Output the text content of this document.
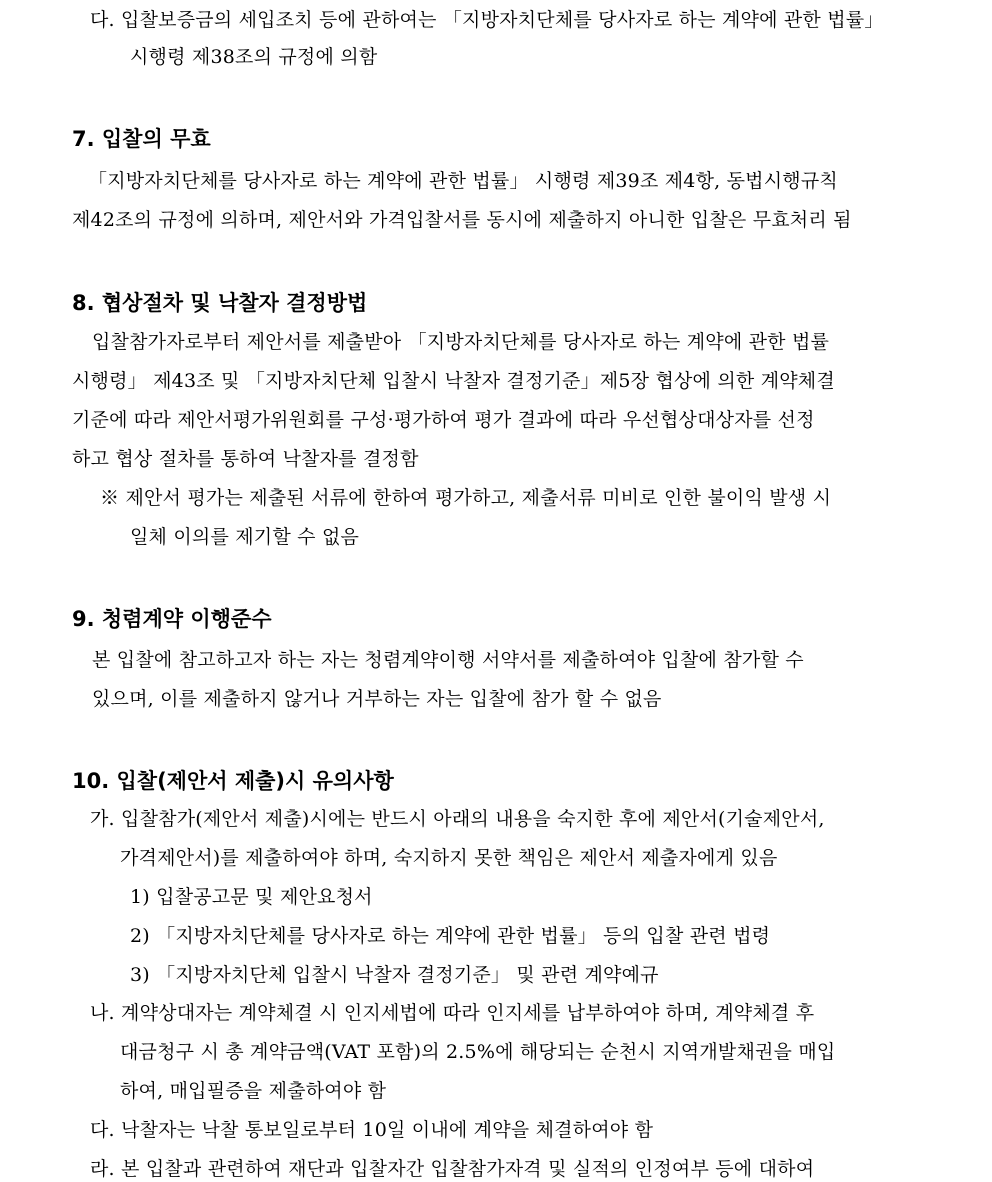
다. 입찰보증금의 세입조치 등에 관하여는 「지방자치단체를 당사자로 하는 계약에 관한 법률」
시행령 제38조의 규정에 의함
7. 입찰의 무효
「지방자치단체를 당사자로 하는 계약에 관한 법률」 시행령 제39조 제4항, 동법시행규칙
제42조의 규정에 의하며, 제안서와 가격입찰서를 동시에 제출하지 아니한 입찰은 무효처리 됨
8. 협상절차 및 낙찰자 결정방법
입찰참가자로부터 제안서를 제출받아 「지방자치단체를 당사자로 하는 계약에 관한 법률
시행령」 제43조 및 「지방자치단체 입찰시 낙찰자 결정기준」제5장 협상에 의한 계약체결
기준에 따라 제안서평가위원회를 구성·평가하여 평가 결과에 따라 우선협상대상자를 선정
하고 협상 절차를 통하여 낙찰자를 결정함
※ 제안서 평가는 제출된 서류에 한하여 평가하고, 제출서류 미비로 인한 불이익 발생 시
일체 이의를 제기할 수 없음
9. 청렴계약 이행준수
본 입찰에 참고하고자 하는 자는 청렴계약이행 서약서를 제출하여야 입찰에 참가할 수
있으며, 이를 제출하지 않거나 거부하는 자는 입찰에 참가 할 수 없음
10. 입찰(제안서 제출)시 유의사항
가. 입찰참가(제안서 제출)시에는 반드시 아래의 내용을 숙지한 후에 제안서(기술제안서,
가격제안서)를 제출하여야 하며, 숙지하지 못한 책임은 제안서 제출자에게 있음
1) 입찰공고문 및 제안요청서
2) 「지방자치단체를 당사자로 하는 계약에 관한 법률」 등의 입찰 관련 법령
3) 「지방자치단체 입찰시 낙찰자 결정기준」 및 관련 계약예규
나. 계약상대자는 계약체결 시 인지세법에 따라 인지세를 납부하여야 하며, 계약체결 후
대금청구 시 총 계약금액(VAT 포함)의 2.5%에 해당되는 순천시 지역개발채권을 매입
하여, 매입필증을 제출하여야 함
다. 낙찰자는 낙찰 통보일로부터 10일 이내에 계약을 체결하여야 함
라. 본 입찰과 관련하여 재단과 입찰자간 입찰참가자격 및 실적의 인정여부 등에 대하여
